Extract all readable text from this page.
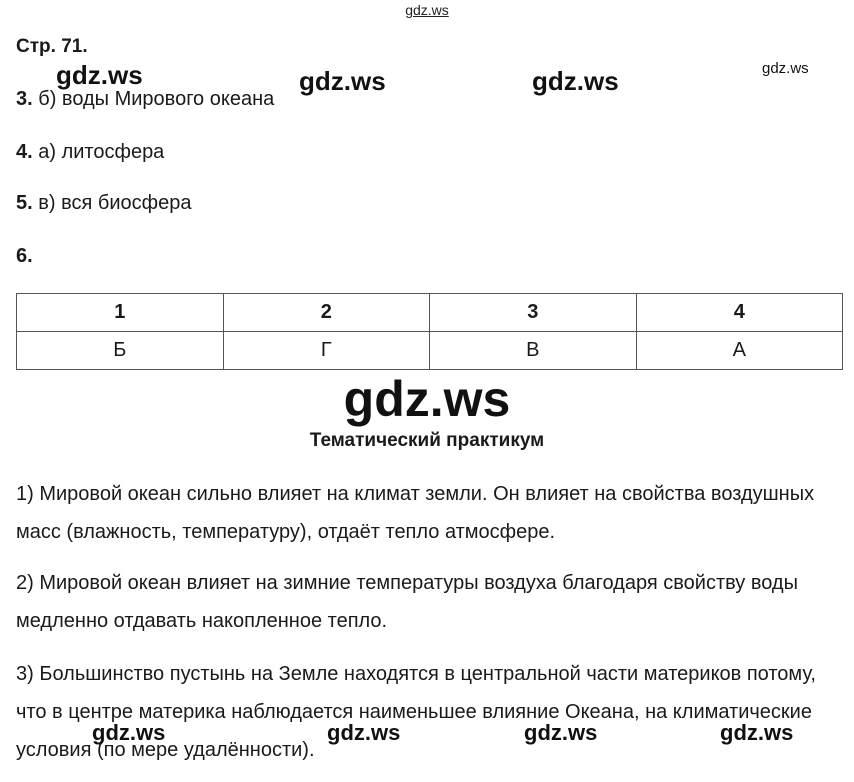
gdz.ws
Стр. 71.
gdz.ws	gdz.ws	gdz.ws	gdz.ws
3. б) воды Мирового океана
4. а) литосфера
5. в) вся биосфера
6.
1	2	3	4
Б	Г	В	А
gdz.ws
Тематический практикум
1) Мировой океан сильно влияет на климат земли. Он влияет на свойства воздушных масс (влажность, температуру), отдаёт тепло атмосфере.
2) Мировой океан влияет на зимние температуры воздуха благодаря свойству воды медленно отдавать накопленное тепло.
3) Большинство пустынь на Земле находятся в центральной части материков потому, что в центре материка наблюдается наименьшее влияние Океана, на климатические условия (по мере удалённости).
gdz.ws	gdz.ws	gdz.ws	gdz.ws
